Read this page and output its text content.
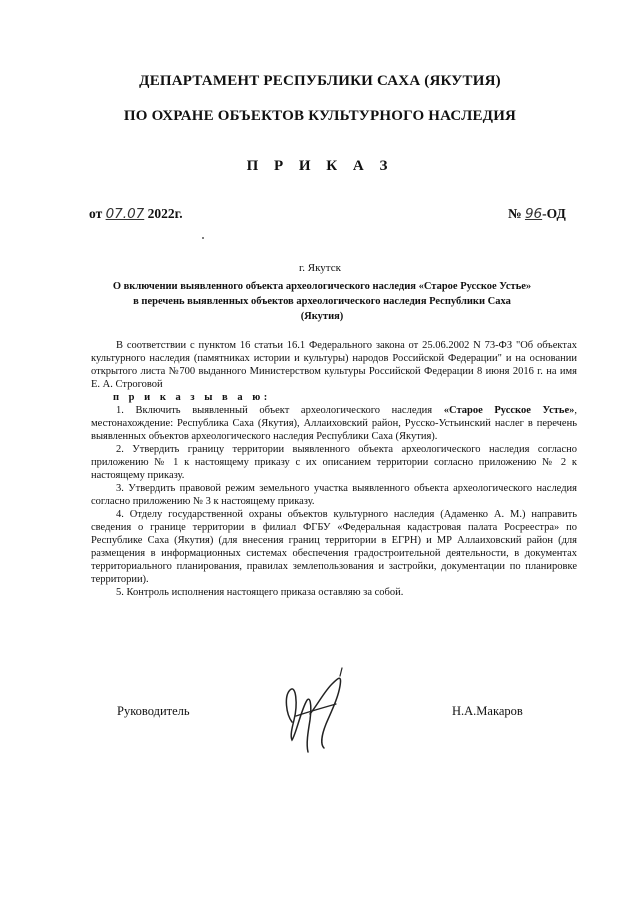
ДЕПАРТАМЕНТ РЕСПУБЛИКИ САХА (ЯКУТИЯ)
ПО ОХРАНЕ ОБЪЕКТОВ КУЛЬТУРНОГО НАСЛЕДИЯ
П Р И К А З
от 07.07 2022г.	№ 96-ОД
г. Якутск
О включении выявленного объекта археологического наследия «Старое Русское Устье» в перечень выявленных объектов археологического наследия Республики Саха (Якутия)

В соответствии с пунктом 16 статьи 16.1 Федерального закона от 25.06.2002 N 73-ФЗ "Об объектах культурного наследия (памятниках истории и культуры) народов Российской Федерации" и на основании открытого листа №700 выданного Министерством культуры Российской Федерации 8 июня 2016 г. на имя Е. А. Строговой

п р и к а з ы в а ю:

1. Включить выявленный объект археологического наследия «Старое Русское Устье», местонахождение: Республика Саха (Якутия), Аллаиховский район, Русско-Устьинский наслег в перечень выявленных объектов археологического наследия Республики Саха (Якутия).

2. Утвердить границу территории выявленного объекта археологического наследия согласно приложению № 1 к настоящему приказу с их описанием территории согласно приложению № 2 к настоящему приказу.

3. Утвердить правовой режим земельного участка выявленного объекта археологического наследия согласно приложению № 3 к настоящему приказу.

4. Отделу государственной охраны объектов культурного наследия (Адаменко А. М.) направить сведения о границе территории в филиал ФГБУ «Федеральная кадастровая палата Росреестра» по Республике Саха (Якутия) (для внесения границ территории в ЕГРН) и МР Аллаиховский район (для размещения в информационных системах обеспечения градостроительной деятельности, в документах территориального планирования, правилах землепользования и застройки, документации по планировке территории).

5. Контроль исполнения настоящего приказа оставляю за собой.

Руководитель	Н.А.Макаров
